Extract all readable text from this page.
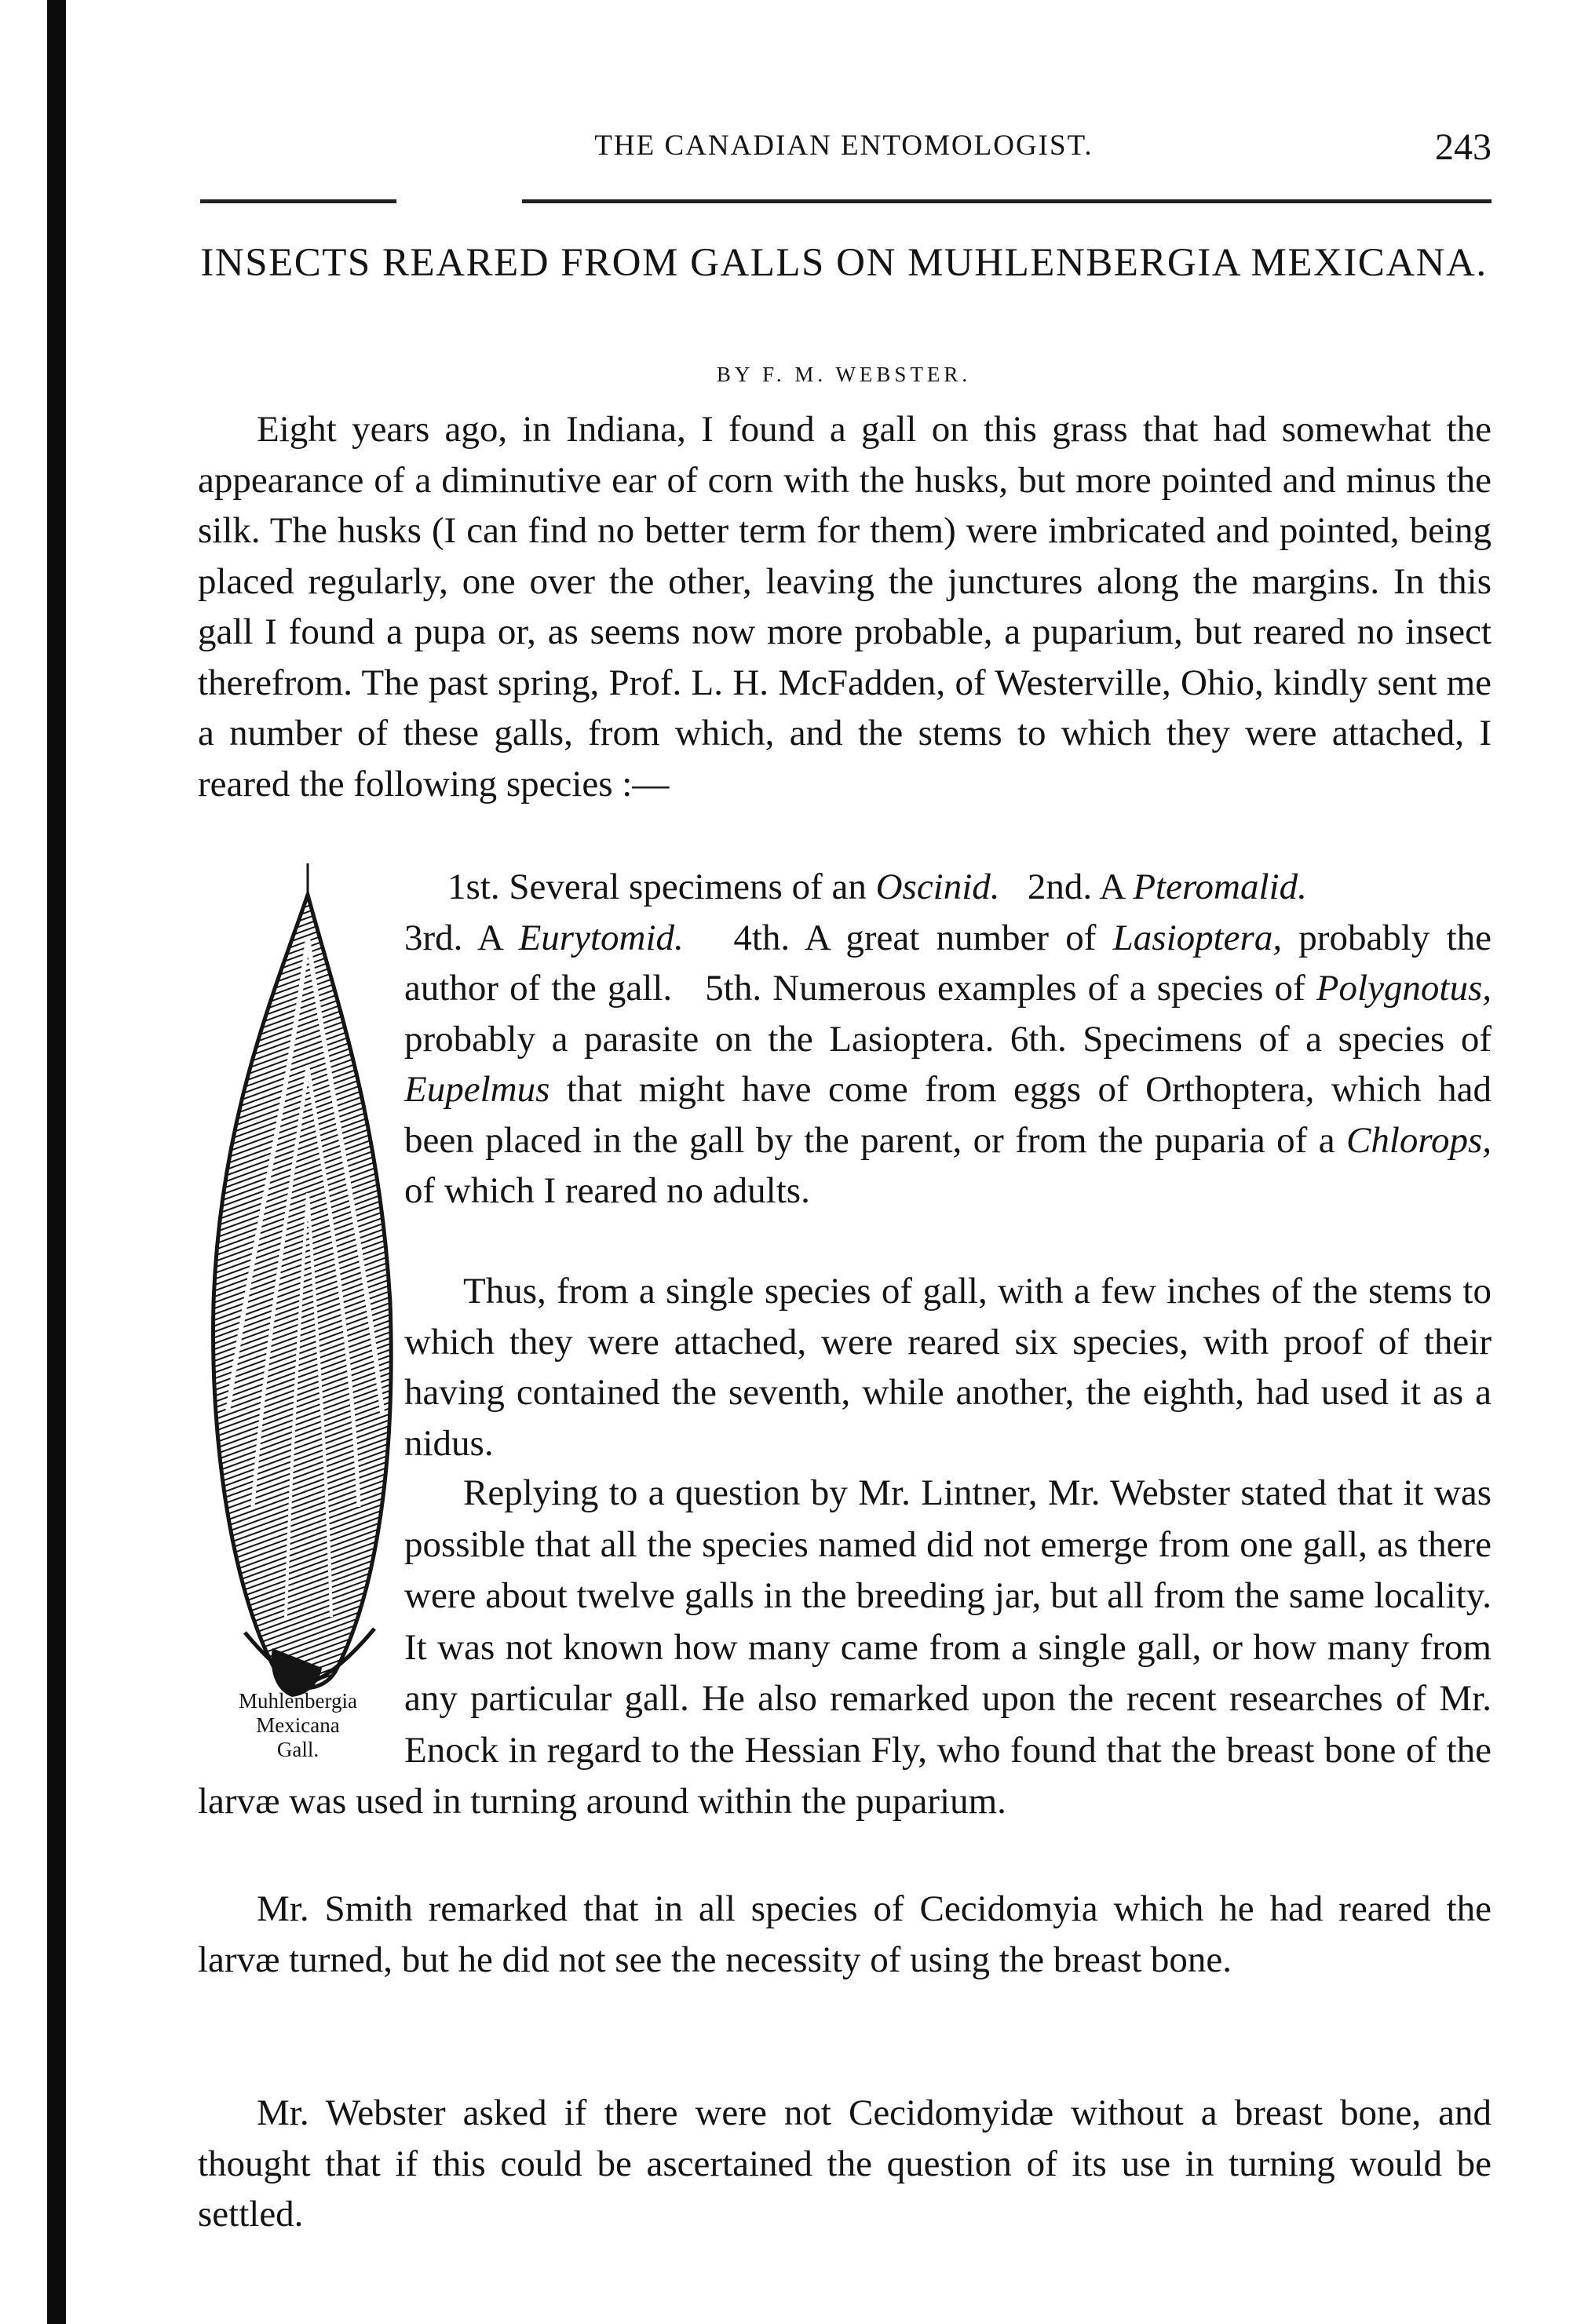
THE CANADIAN ENTOMOLOGIST.	243
INSECTS REARED FROM GALLS ON MUHLENBERGIA MEXICANA.
BY F. M. WEBSTER.

Eight years ago, in Indiana, I found a gall on this grass that had somewhat the appearance of a diminutive ear of corn with the husks, but more pointed and minus the silk. The husks (I can find no better term for them) were imbricated and pointed, being placed regularly, one over the other, leaving the junctures along the margins. In this gall I found a pupa or, as seems now more probable, a puparium, but reared no insect therefrom. The past spring, Prof. L. H. McFadden, of Westerville, Ohio, kindly sent me a number of these galls, from which, and the stems to which they were attached, I reared the following species :—

1st. Several specimens of an Oscinid. 2nd. A Pteromalid.
3rd. A Eurytomid. 4th. A great number of Lasioptera, probably the author of the gall. 5th. Numerous examples of a species of Polygnotus, probably a parasite on the Lasioptera. 6th. Specimens of a species of Eupelmus that might have come from eggs of Orthoptera, which had been placed in the gall by the parent, or from the puparia of a Chlorops, of which I reared no adults.

Thus, from a single species of gall, with a few inches of the stems to which they were attached, were reared six species, with proof of their having contained the seventh, while another, the eighth, had used it as a nidus.

Muhlenbergia
Mexicana
Gall.

Replying to a question by Mr. Lintner, Mr. Webster stated that it was possible that all the species named did not emerge from one gall, as there were about twelve galls in the breeding jar, but all from the same locality. It was not known how many came from a single gall, or how many from any particular gall. He also remarked upon the recent researches of Mr. Enock in regard to the Hessian Fly, who found that the breast bone of the larvæ was used in turning around within the puparium.

Mr. Smith remarked that in all species of Cecidomyia which he had reared the larvæ turned, but he did not see the necessity of using the breast bone.

Mr. Webster asked if there were not Cecidomyidæ without a breast bone, and thought that if this could be ascertained the question of its use in turning would be settled.
